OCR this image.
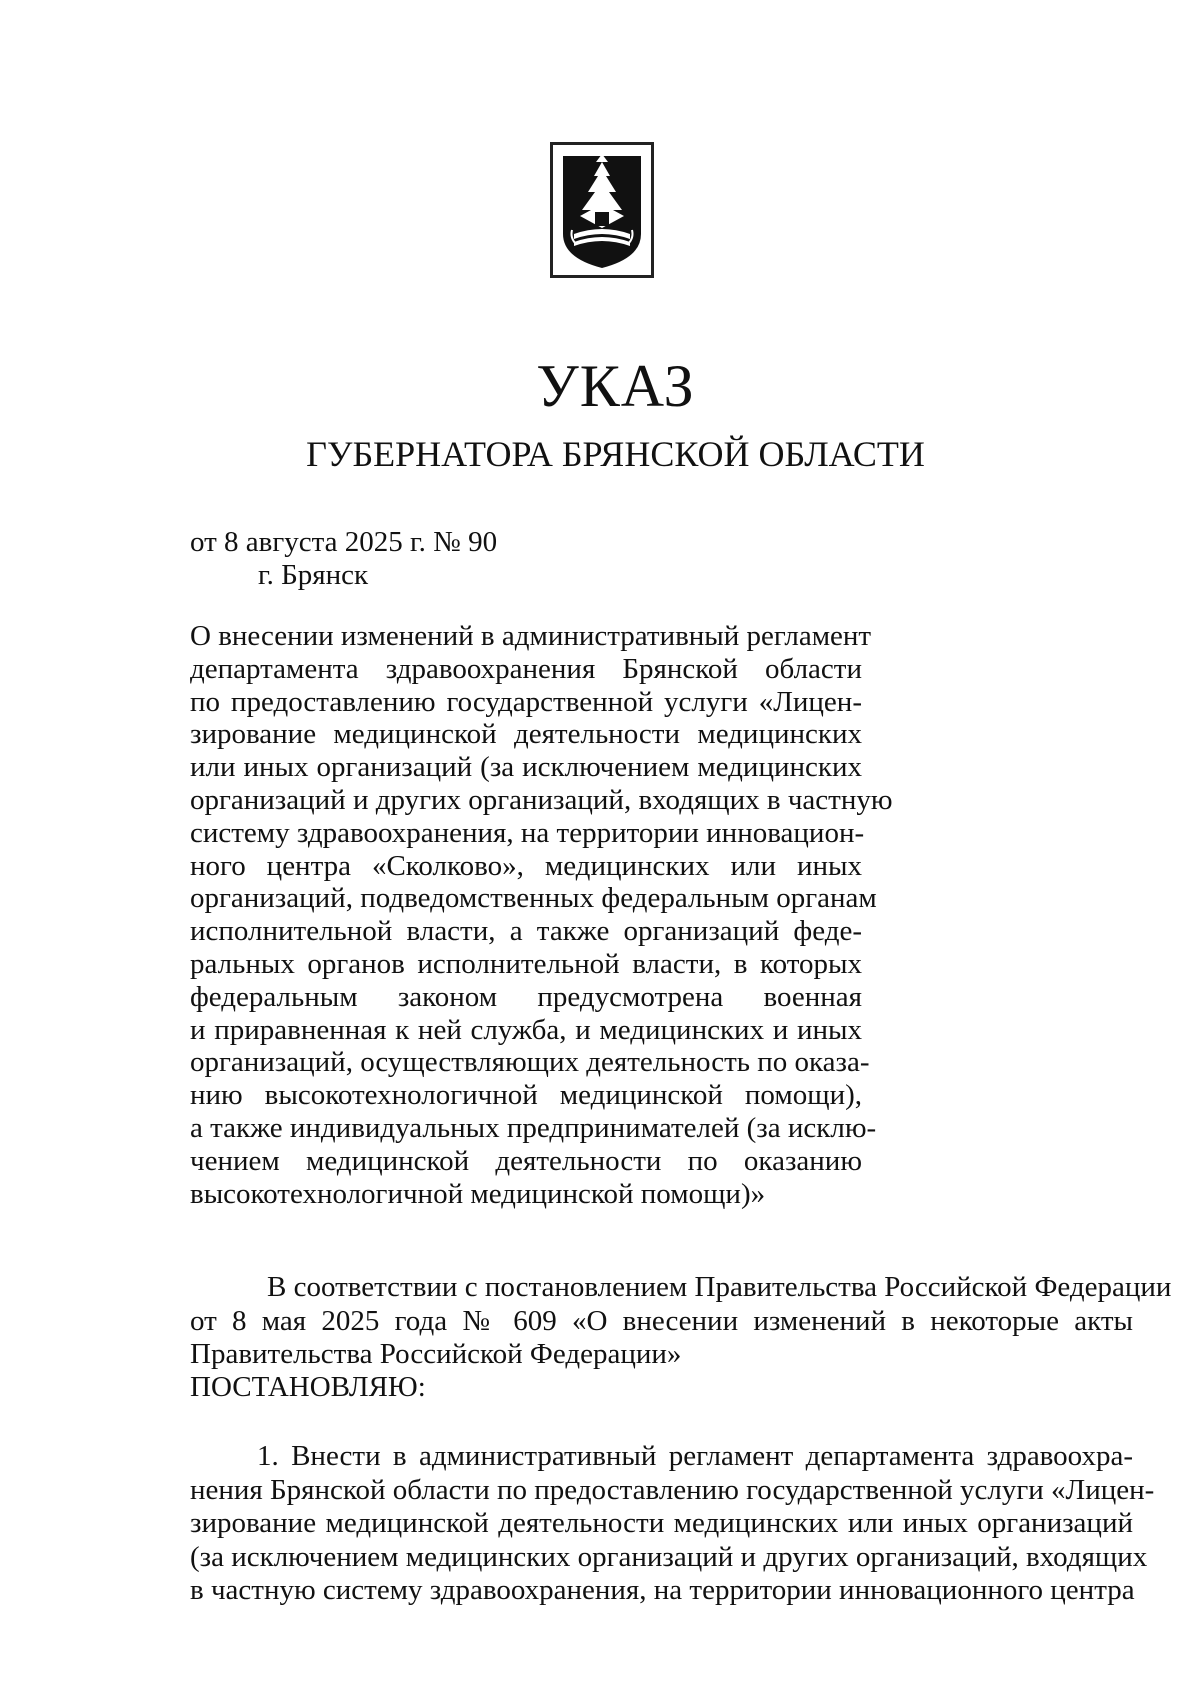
УКАЗ
ГУБЕРНАТОРА БРЯНСКОЙ ОБЛАСТИ
от 8 августа 2025 г. № 90
г. Брянск
О внесении изменений в административный регламент
департамента здравоохранения Брянской области
по предоставлению государственной услуги «Лицен-
зирование медицинской деятельности медицинских
или иных организаций (за исключением медицинских
организаций и других организаций, входящих в частную
систему здравоохранения, на территории инновацион-
ного центра «Сколково», медицинских или иных
организаций, подведомственных федеральным органам
исполнительной власти, а также организаций феде-
ральных органов исполнительной власти, в которых
федеральным законом предусмотрена военная
и приравненная к ней служба, и медицинских и иных
организаций, осуществляющих деятельность по оказа-
нию высокотехнологичной медицинской помощи),
а также индивидуальных предпринимателей (за исклю-
чением медицинской деятельности по оказанию
высокотехнологичной медицинской помощи)»
В соответствии с постановлением Правительства Российской Федерации
от 8 мая 2025 года № 609 «О внесении изменений в некоторые акты
Правительства Российской Федерации»
ПОСТАНОВЛЯЮ:
1. Внести в административный регламент департамента здравоохра-
нения Брянской области по предоставлению государственной услуги «Лицен-
зирование медицинской деятельности медицинских или иных организаций
(за исключением медицинских организаций и других организаций, входящих
в частную систему здравоохранения, на территории инновационного центра
